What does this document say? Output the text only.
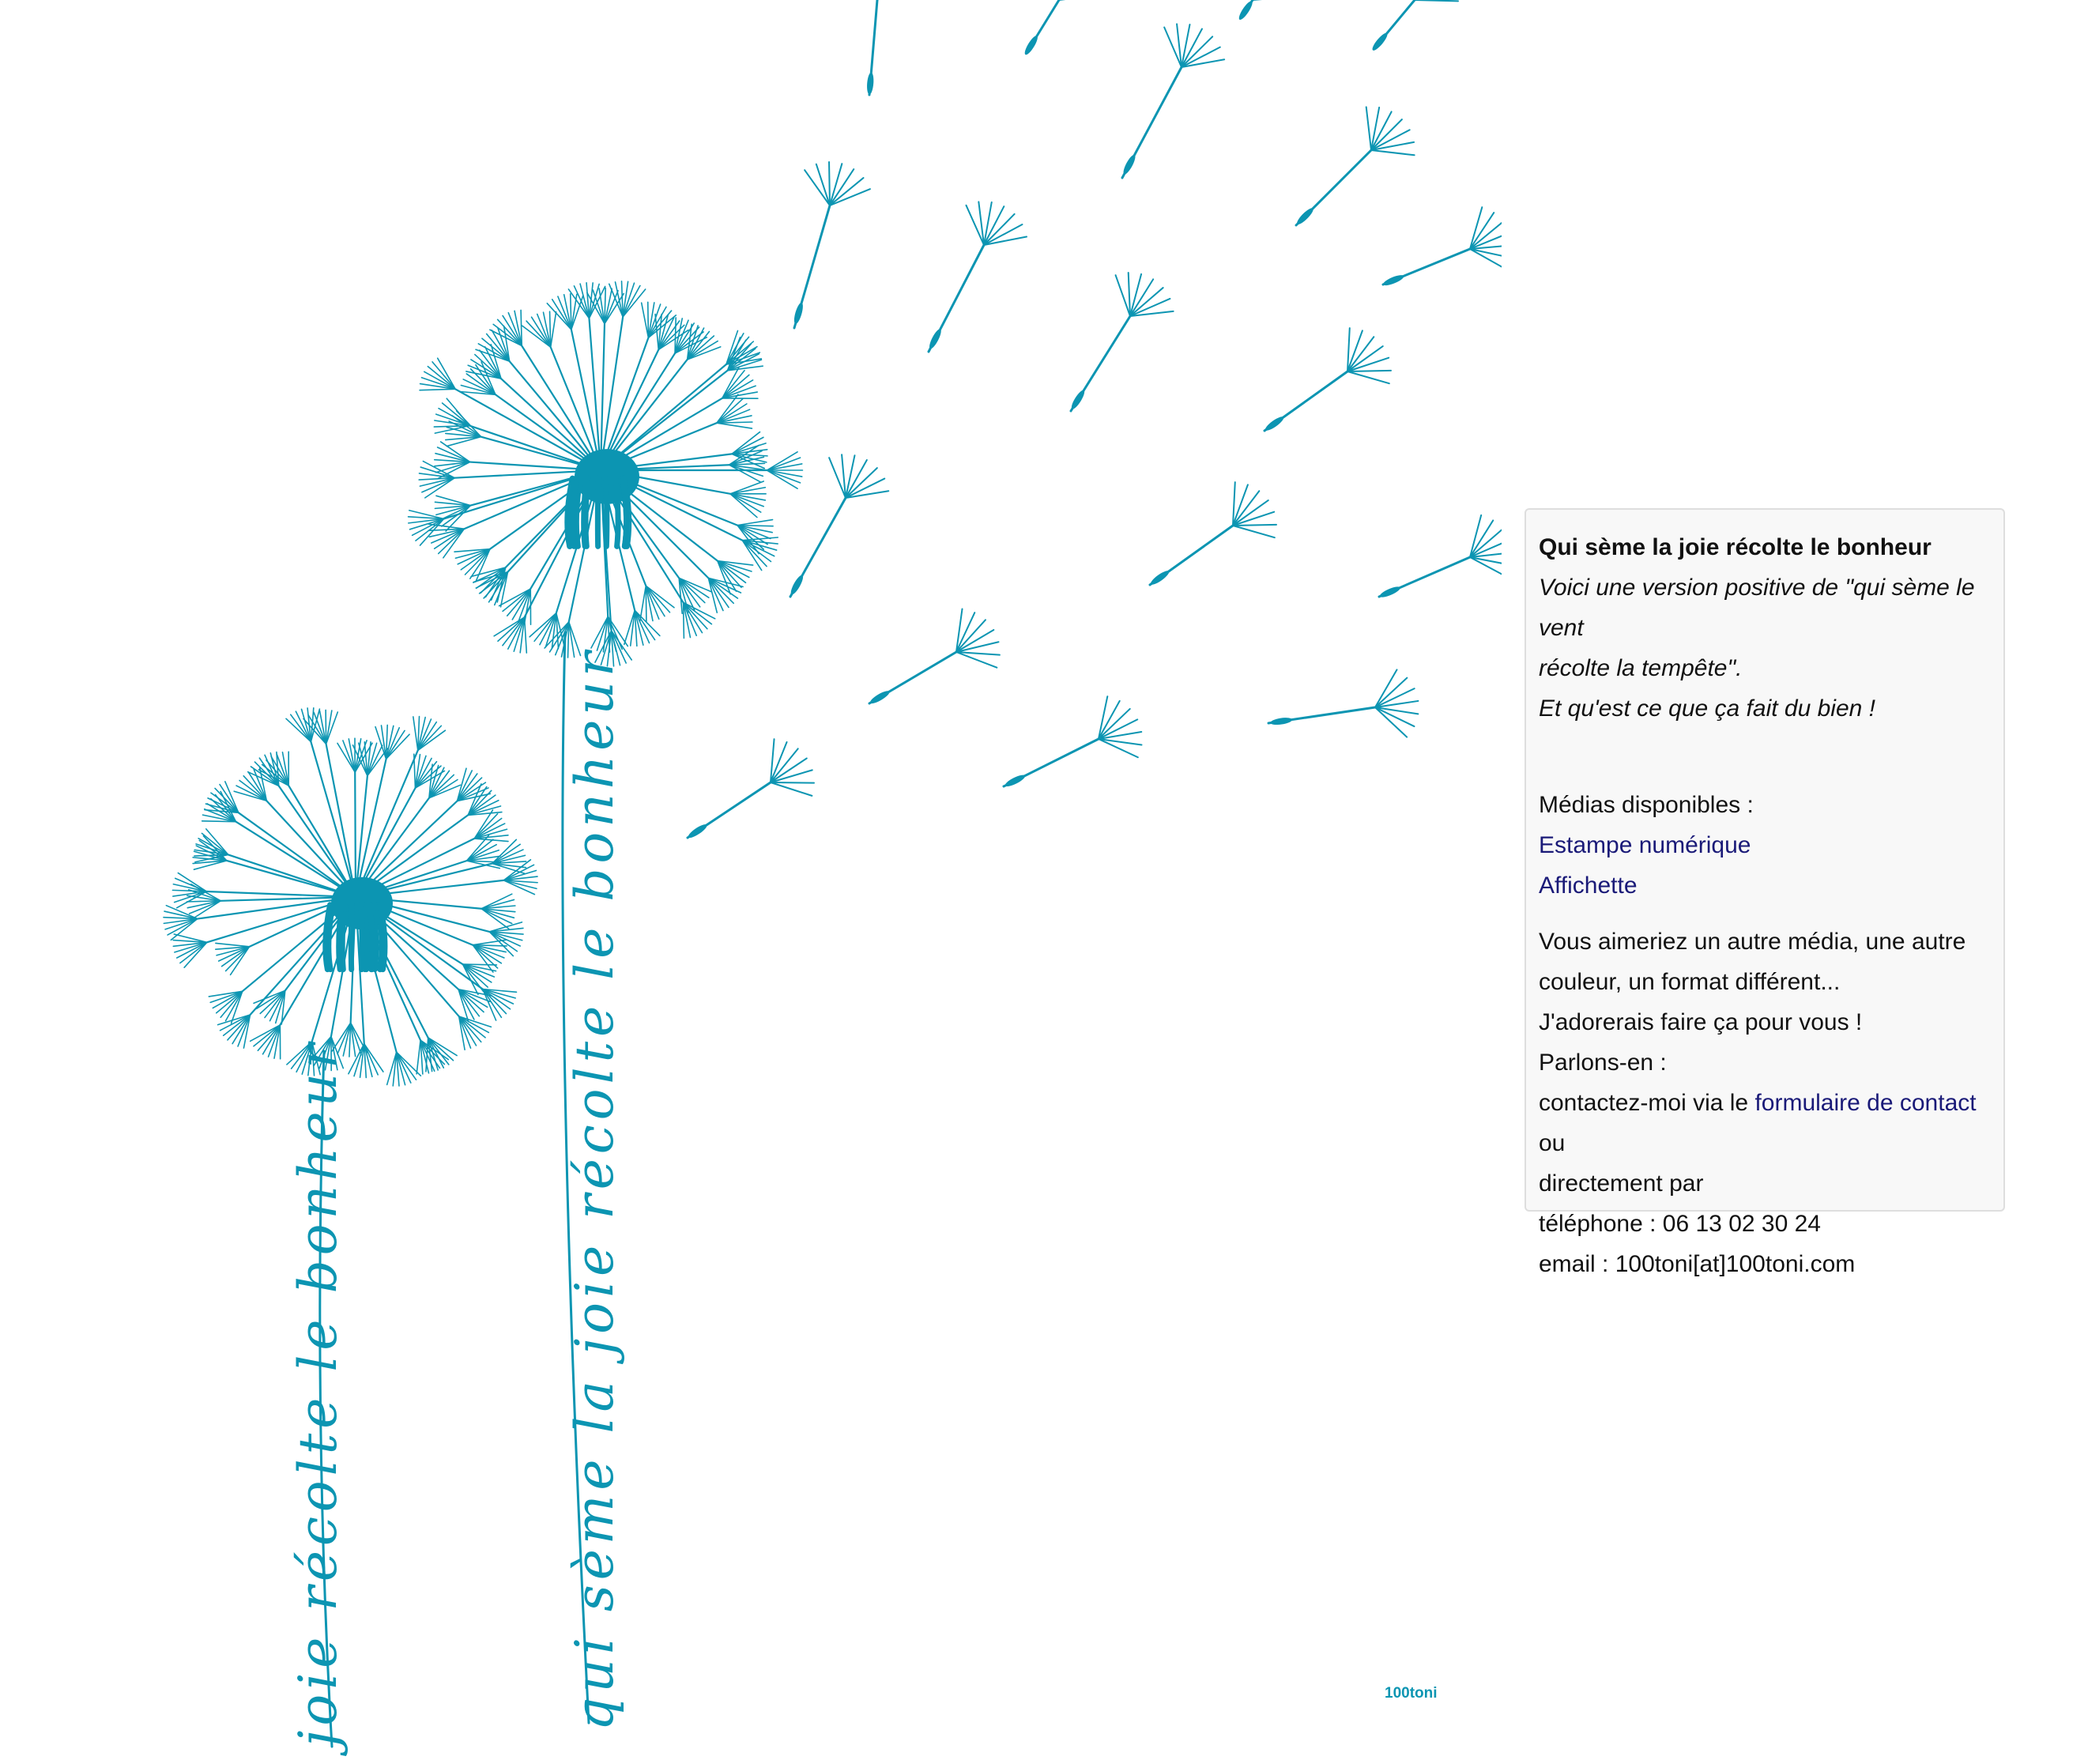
joie récolte le bonheur	qui sème la joie récolte le bonheur	100toni
Qui sème la joie récolte le bonheur
Voici une version positive de "qui sème le vent
récolte la tempête".
Et qu'est ce que ça fait du bien !
Médias disponibles :
Estampe numérique
Affichette
Vous aimeriez un autre média, une autre
couleur, un format différent...
J'adorerais faire ça pour vous !
Parlons-en :
contactez-moi via le formulaire de contact ou
directement par
téléphone : 06 13 02 30 24
email : 100toni[at]100toni.com
